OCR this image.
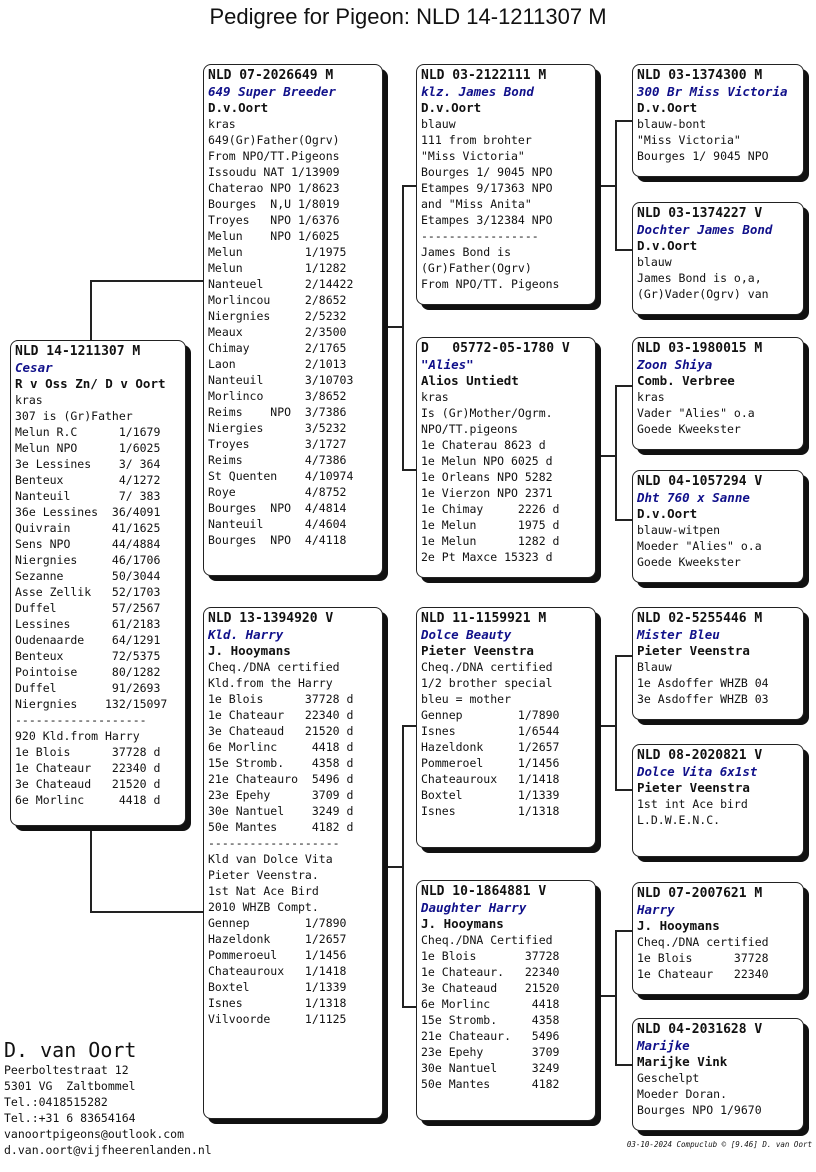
Pedigree for Pigeon: NLD 14-1211307 M
NLD 14-1211307 M
Cesar
R v Oss Zn/ D v Oort
kras
307 is (Gr)Father
Melun R.C      1/1679
Melun NPO      1/6025
3e Lessines    3/ 364
Benteux        4/1272
Nanteuil       7/ 383
36e Lessines  36/4091
Quivrain      41/1625
Sens NPO      44/4884
Niergnies     46/1706
Sezanne       50/3044
Asse Zellik   52/1703
Duffel        57/2567
Lessines      61/2183
Oudenaarde    64/1291
Benteux       72/5375
Pointoise     80/1282
Duffel        91/2693
Niergnies    132/15097
-------------------
920 Kld.from Harry
1e Blois      37728 d
1e Chateaur   22340 d
3e Chateaud   21520 d
6e Morlinc     4418 d
NLD 07-2026649 M
649 Super Breeder
D.v.Oort
kras
649(Gr)Father(Ogrv)
From NPO/TT.Pigeons
Issoudu NAT 1/13909
Chaterao NPO 1/8623
Bourges  N,U 1/8019
Troyes   NPO 1/6376
Melun    NPO 1/6025
Melun         1/1975
Melun         1/1282
Nanteuel      2/14422
Morlincou     2/8652
Niergnies     2/5232
Meaux         2/3500
Chimay        2/1765
Laon          2/1013
Nanteuil      3/10703
Morlinco      3/8652
Reims    NPO  3/7386
Niergies      3/5232
Troyes        3/1727
Reims         4/7386
St Quenten    4/10974
Roye          4/8752
Bourges  NPO  4/4814
Nanteuil      4/4604
Bourges  NPO  4/4118
NLD 13-1394920 V
Kld. Harry
J. Hooymans
Cheq./DNA certified
Kld.from the Harry
1e Blois      37728 d
1e Chateaur   22340 d
3e Chateaud   21520 d
6e Morlinc     4418 d
15e Stromb.    4358 d
21e Chateauro  5496 d
23e Epehy      3709 d
30e Nantuel    3249 d
50e Mantes     4182 d
-------------------
Kld van Dolce Vita
Pieter Veenstra.
1st Nat Ace Bird
2010 WHZB Compt.
Gennep        1/7890
Hazeldonk     1/2657
Pommeroeul    1/1456
Chateauroux   1/1418
Boxtel        1/1339
Isnes         1/1318
Vilvoorde     1/1125
NLD 03-2122111 M
klz. James Bond
D.v.Oort
blauw
111 from brohter
"Miss Victoria"
Bourges 1/ 9045 NPO
Etampes 9/17363 NPO
and "Miss Anita"
Etampes 3/12384 NPO
-----------------
James Bond is
(Gr)Father(Ogrv)
From NPO/TT. Pigeons
D   05772-05-1780 V
"Alies"
Alios Untiedt
kras
Is (Gr)Mother/Ogrm.
NPO/TT.pigeons
1e Chaterau 8623 d
1e Melun NPO 6025 d
1e Orleans NPO 5282
1e Vierzon NPO 2371
1e Chimay     2226 d
1e Melun      1975 d
1e Melun      1282 d
2e Pt Maxce 15323 d
NLD 11-1159921 M
Dolce Beauty
Pieter Veenstra
Cheq./DNA certified
1/2 brother special
bleu = mother
Gennep        1/7890
Isnes         1/6544
Hazeldonk     1/2657
Pommeroel     1/1456
Chateauroux   1/1418
Boxtel        1/1339
Isnes         1/1318
NLD 10-1864881 V
Daughter Harry
J. Hooymans
Cheq./DNA Certified
1e Blois       37728
1e Chateaur.   22340
3e Chateaud    21520
6e Morlinc      4418
15e Stromb.     4358
21e Chateaur.   5496
23e Epehy       3709
30e Nantuel     3249
50e Mantes      4182
NLD 03-1374300 M
300 Br Miss Victoria
D.v.Oort
blauw-bont
"Miss Victoria"
Bourges 1/ 9045 NPO
NLD 03-1374227 V
Dochter James Bond
D.v.Oort
blauw
James Bond is o,a,
(Gr)Vader(Ogrv) van
NLD 03-1980015 M
Zoon Shiya
Comb. Verbree
kras
Vader "Alies" o.a
Goede Kweekster
NLD 04-1057294 V
Dht 760 x Sanne
D.v.Oort
blauw-witpen
Moeder "Alies" o.a
Goede Kweekster
NLD 02-5255446 M
Mister Bleu
Pieter Veenstra
Blauw
1e Asdoffer WHZB 04
3e Asdoffer WHZB 03
NLD 08-2020821 V
Dolce Vita 6x1st
Pieter Veenstra
1st int Ace bird
L.D.W.E.N.C.
NLD 07-2007621 M
Harry
J. Hooymans
Cheq./DNA certified
1e Blois      37728
1e Chateaur   22340
NLD 04-2031628 V
Marijke
Marijke Vink
Geschelpt
Moeder Doran.
Bourges NPO 1/9670
D. van Oort
Peerboltestraat 12
5301 VG  Zaltbommel
Tel.:0418515282
Tel.:+31 6 83654164
vanoortpigeons@outlook.com
d.van.oort@vijfheerenlanden.nl	03-10-2024 Compuclub © [9.46] D. van Oort
